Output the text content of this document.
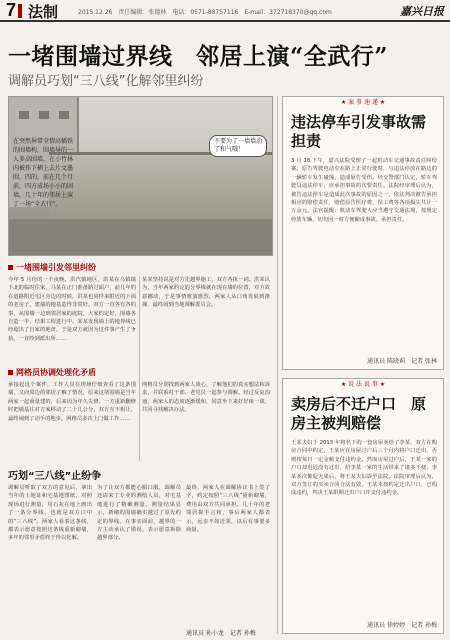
7 法制	2015.12.26　责任编辑：张德林　电话：0571-88757116　E-mail：372718370@qq.com	嘉兴日报
一堵围墙过界线　邻居上演“全武行”
调解员巧划“三八线”化解邻里纠纷
在突然异常全情高插铁的围墙构，围墙导的一人多高围墙，在小竹林内被作下横上去片文墨围，四的，前在几个月前，四方成场小小的固墙。几十年的邻居上演了一场“全武行”。
不要为了一墙墙动了和气哦！
一堵围墙引发邻里纠纷
今年 5 月份的一个夜晚，洪汽镇地区，洪某在乌镇镇下北的临时住家，马某在正门准备路过面户，前几年的在道路附近宅区旁边的时候，洪某也同样来附近的下面的老房子，建墙的地基造得非常好。双方一直各有各的事，从围墙一边到邻居家的庭院，大家约定好，围墙各自造一半，结果工程进行中，某某发现墙上的地界线已经超出了自家的地盘，于是双方就因为这件事产生了争执，一直吵到派出所……
某某坚持说是对方先越界施工，双方各执一词。洪某认为，当年两家约定的分界线就在现在墙的位置，对方故意挪动，于是事情愈演愈烈，两家人从口角发展到推搡，最终闹到当地调解委员会。
网格员协调处理化矛盾
承接起这个案件，工作人员在现场仔细查看了这条围墙，又向周边的邻居了解了情况，原来这堵围墙是当年两家一起商量建的，后来因为年久失修，一方重新翻修时把墙基往对方家移动了二十几公分，双方互不相让，最终闹到了动手的地步。网格员多次上门做工作……
网格员分别找到两家人谈心，了解他们的真实想法和诉求，并联系村干部、老党员一起参与调解。经过反复沟通，两家人的态度逐渐缓和，同意坐下来好好谈一谈，共同寻找解决办法。
巧划“三八线”止纷争
调解员听取了双方的意见后，拿出当年的土地证和宅基地图纸，对照现场进行测量，用石灰在地上画出了一条分界线，也就是双方口中的“三八线”。两家人看着这条线，都表示愿意按照这条线重新砌墙，多年的邻里矛盾终于得以化解。
为了让双方都能心服口服，调解员还请来了专业的测绘人员，对宅基地进行了精确测量。测量结果显示，新砌的围墙确实越过了原先约定的界线。在事实面前，越界的一方主动承认了错误，表示愿意拆除越界部分。
最终，两家人在调解协议书上签了字，约定按照“三八线”重新砌墙，费用由双方共同承担。几十年的老邻居握手言和，事后两家人都表示，远亲不如近邻，以后有事要多商量。
通讯员 孙小龙　记者 孙梅
★ 案 事 速 递 ★
违法停车引发事故需担责
3 月 18 下午，嘉兴法院受理了一起机动车交通事故责任纠纷案。原告驾驶电动车在路上正常行驶时，与违法停放在路边的一辆轿车发生碰撞，造成原告受伤。经交警部门认定，轿车驾驶员违法停车，应承担事故的次要责任。法院经审理后认为，被告违法停车是造成此次事故的原因之一，依法判决被告承担相应的赔偿责任，赔偿原告医疗费、误工费等各项损失共计一万余元。法官提醒：机动车驾驶人应当遵守交通法规，按规定停放车辆，切勿因一时方便酿成事故、承担责任。
通讯员 陈晓莉　记者 张林
★ 说 法 说 事 ★
卖房后不迁户口　原房主被判赔偿
王某夫妇于 2013 年将名下的一套房屋卖给了李某，双方在购房合同中约定，王某应在房屋过户后三个月内将户口迁出，否则按每日一定金额支付违约金。然而房屋过户后，王某一家的户口却迟迟没有迁出，给李某一家的生活带来了诸多不便，李某多次催促无果后，将王某夫妇诉至法院。法院审理后认为，双方签订的买卖合同合法有效，王某未按约定迁出户口，已构成违约，判决王某限期迁出户口并支付违约金。
通讯员 徐婷婷　记者 孙梅
